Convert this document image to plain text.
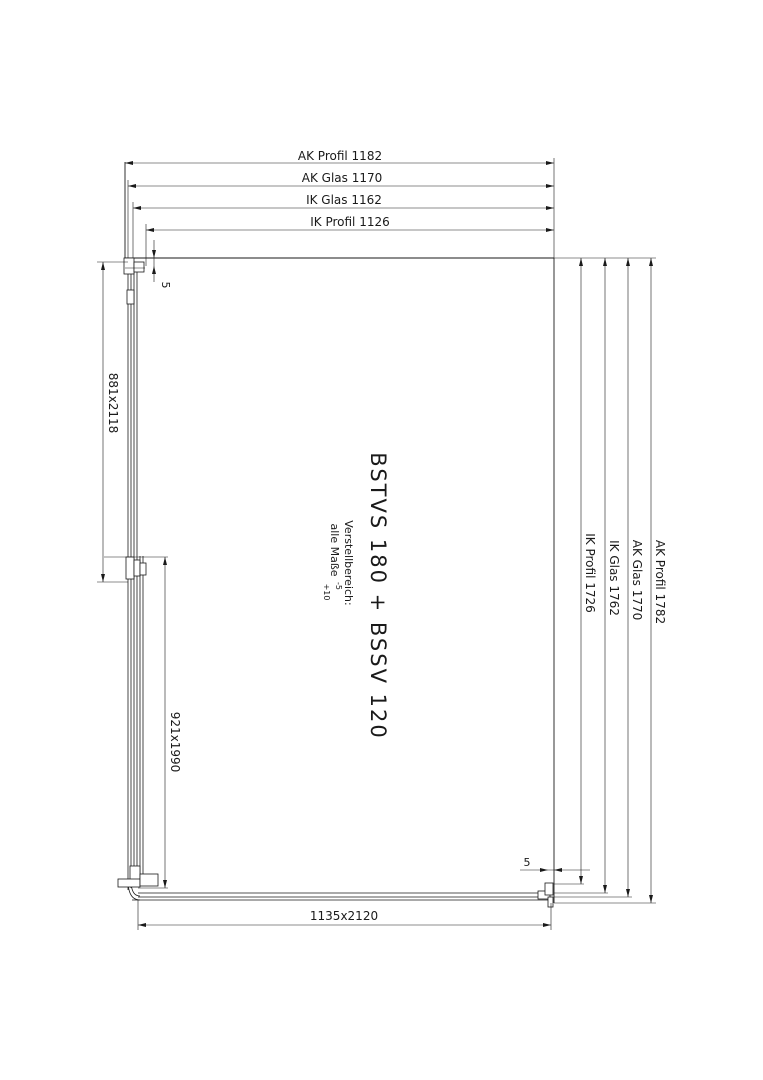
AK Profil 1182
AK Glas 1170
IK Glas 1162
IK Profil 1126
5
IK Profil 1726 IK Glas 1762 AK Glas 1770 AK Profil 1782
5
881x2118
921x1990
1135x2120
BSTVS 180 + BSSV 120
Verstellbereich:
alle Maße
-5
+10
